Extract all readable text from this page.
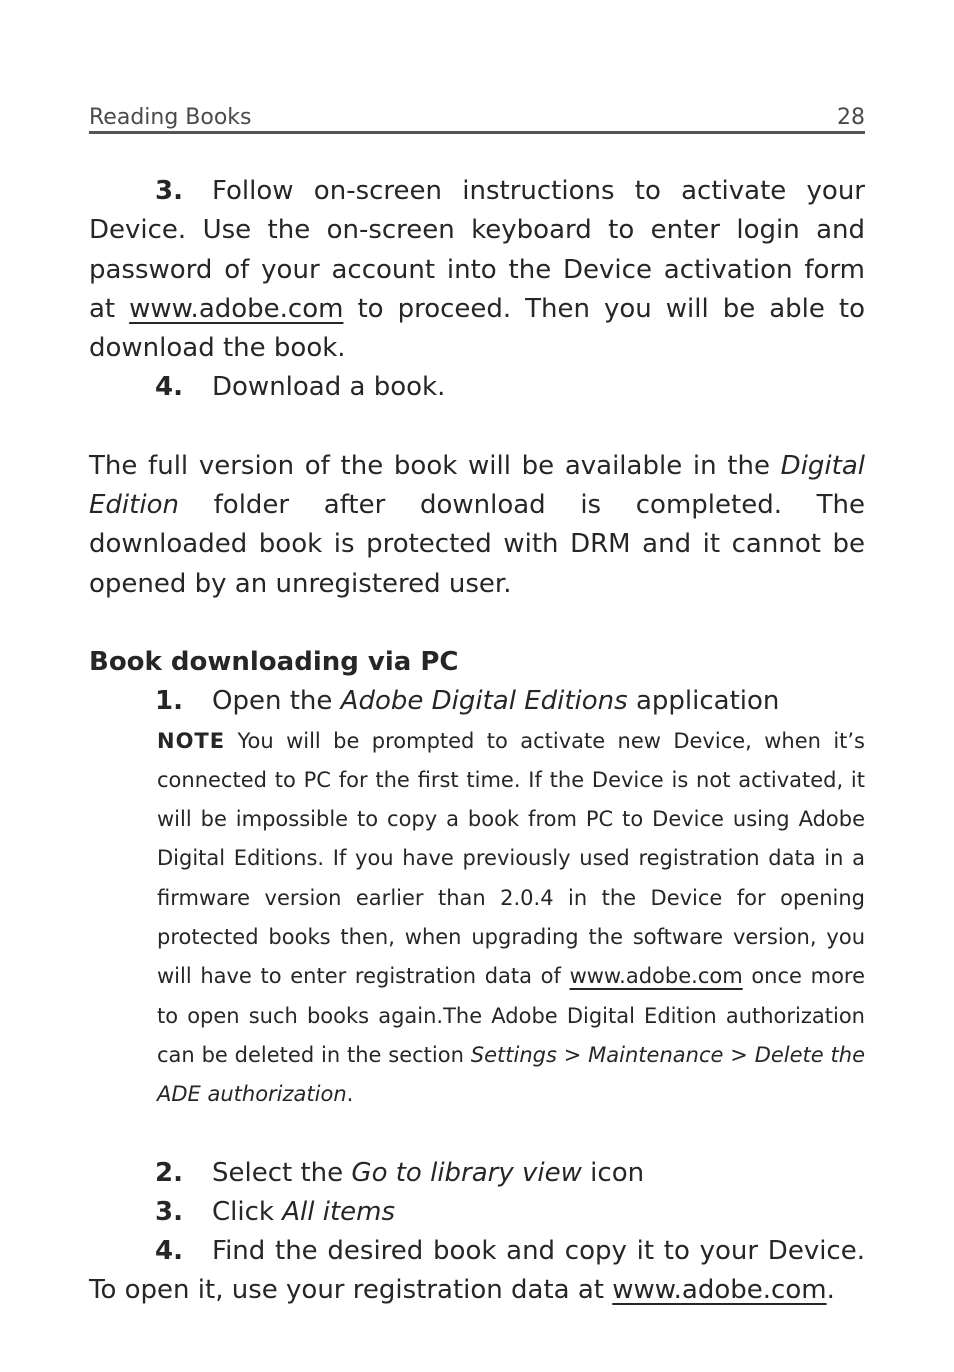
Reading Books	28

3. Follow on-screen instructions to activate your Device. Use the on-screen keyboard to enter login and password of your account into the Device activation form at www.adobe.com to proceed. Then you will be able to download the book.

4. Download a book.

The full version of the book will be available in the Digital Edition folder after download is completed. The downloaded book is protected with DRM and it cannot be opened by an unregistered user.

Book downloading via PC

1. Open the Adobe Digital Editions application

NOTE You will be prompted to activate new Device, when it’s connected to PC for the first time. If the Device is not activated, it will be impossible to copy a book from PC to Device using Adobe Digital Editions. If you have previously used registration data in a firmware version earlier than 2.0.4 in the Device for opening protected books then, when upgrading the software version, you will have to enter registration data of www.adobe.com once more to open such books again.The Adobe Digital Edition authorization can be deleted in the section Settings > Maintenance > Delete the ADE authorization.

2. Select the Go to library view icon

3. Click All items

4. Find the desired book and copy it to your Device. To open it, use your registration data at www.adobe.com.
